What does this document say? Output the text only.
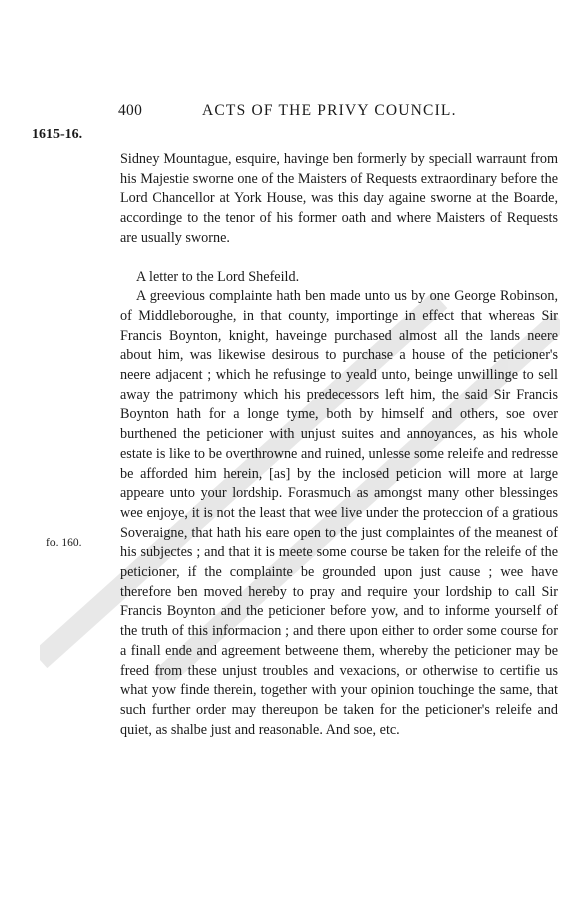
400	ACTS OF THE PRIVY COUNCIL.
1615-16.
fo. 160.

Sidney Mountague, esquire, havinge ben formerly by speciall warraunt from his Majestie sworne one of the Maisters of Requests extraordinary before the Lord Chancellor at York House, was this day againe sworne at the Boarde, accordinge to the tenor of his former oath and where Maisters of Requests are usually sworne.

A letter to the Lord Shefeild.

A greevious complainte hath ben made unto us by one George Robinson, of Middleboroughe, in that county, importinge in effect that whereas Sir Francis Boynton, knight, haveinge purchased almost all the lands neere about him, was likewise desirous to purchase a house of the peticioner's neere adjacent ; which he refusinge to yeald unto, beinge unwillinge to sell away the patrimony which his predecessors left him, the said Sir Francis Boynton hath for a longe tyme, both by himself and others, soe over burthened the peticioner with unjust suites and annoyances, as his whole estate is like to be overthrowne and ruined, unlesse some releife and redresse be afforded him herein, [as] by the inclosed peticion will more at large appeare unto your lordship. Forasmuch as amongst many other blessinges wee enjoye, it is not the least that wee live under the proteccion of a gratious Soveraigne, that hath his eare open to the just complaintes of the meanest of his subjectes ; and that it is meete some course be taken for the releife of the peticioner, if the complainte be grounded upon just cause ; wee have therefore ben moved hereby to pray and require your lordship to call Sir Francis Boynton and the peticioner before yow, and to informe yourself of the truth of this informacion ; and there upon either to order some course for a finall ende and agreement betweene them, whereby the peticioner may be freed from these unjust troubles and vexacions, or otherwise to certifie us what yow finde therein, together with your opinion touchinge the same, that such further order may thereupon be taken for the peticioner's releife and quiet, as shalbe just and reasonable. And soe, etc.
